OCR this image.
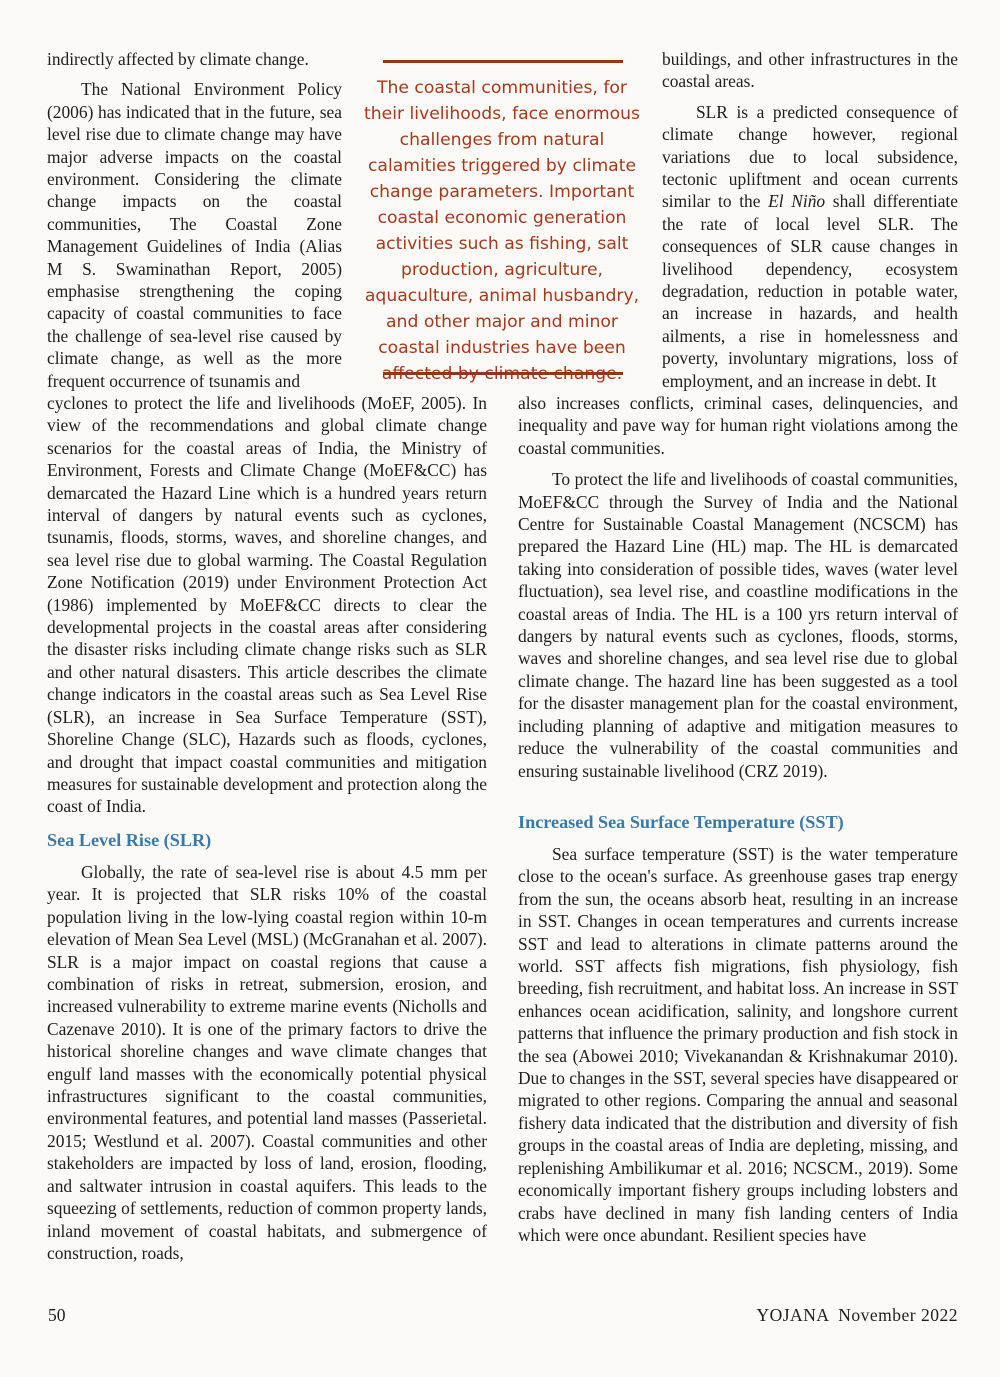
indirectly affected by climate change.

The National Environment Policy (2006) has indicated that in the future, sea level rise due to climate change may have major adverse impacts on the coastal environment. Considering the climate change impacts on the coastal communities, The Coastal Zone Management Guidelines of India (Alias M S. Swaminathan Report, 2005) emphasise strengthening the coping capacity of coastal communities to face the challenge of sea-level rise caused by climate change, as well as the more frequent occurrence of tsunamis and

The coastal communities, for their livelihoods, face enormous challenges from natural calamities triggered by climate change parameters. Important coastal economic generation activities such as fishing, salt production, agriculture, aquaculture, animal husbandry, and other major and minor coastal industries have been

cyclones to protect the life and livelihoods (MoEF, 2005). In view of the recommendations and global climate change scenarios for the coastal areas of India, the Ministry of Environment, Forests and Climate Change (MoEF&CC) has demarcated the Hazard Line which is a hundred years return interval of dangers by natural events such as cyclones, tsunamis, floods, storms, waves, and shoreline changes, and sea level rise due to global warming. The Coastal Regulation Zone Notification (2019) under Environment Protection Act (1986) implemented by MoEF&CC directs to clear the developmental projects in the coastal areas after considering the disaster risks including climate change risks such as SLR and other natural disasters. This article describes the climate change indicators in the coastal areas such as Sea Level Rise (SLR), an increase in Sea Surface Temperature (SST), Shoreline Change (SLC), Hazards such as floods, cyclones, and drought that impact coastal communities and mitigation measures for sustainable development and protection along the coast of India.

Sea Level Rise (SLR)

Globally, the rate of sea-level rise is about 4.5 mm per year. It is projected that SLR risks 10% of the coastal population living in the low-lying coastal region within 10-m elevation of Mean Sea Level (MSL) (McGranahan et al. 2007). SLR is a major impact on coastal regions that cause a combination of risks in retreat, submersion, erosion, and increased vulnerability to extreme marine events (Nicholls and Cazenave 2010). It is one of the primary factors to drive the historical shoreline changes and wave climate changes that engulf land masses with the economically potential physical infrastructures significant to the coastal communities, environmental features, and potential land masses (Passerietal. 2015; Westlund et al. 2007). Coastal communities and other stakeholders are impacted by loss of land, erosion, flooding, and saltwater intrusion in coastal aquifers. This leads to the squeezing of settlements, reduction of common property lands, inland movement of coastal habitats, and submergence of construction, roads,

buildings, and other infrastructures in the coastal areas.

SLR is a predicted consequence of climate change however, regional variations due to local subsidence, tectonic upliftment and ocean currents similar to the El Niño shall differentiate the rate of local level SLR. The consequences of SLR cause changes in livelihood dependency, ecosystem degradation, reduction in potable water, an increase in hazards, and health ailments, a rise in homelessness and poverty, involuntary migrations, loss of employment, and an increase in debt. It

also increases conflicts, criminal cases, delinquencies, and inequality and pave way for human right violations among the coastal communities.

To protect the life and livelihoods of coastal communities, MoEF&CC through the Survey of India and the National Centre for Sustainable Coastal Management (NCSCM) has prepared the Hazard Line (HL) map. The HL is demarcated taking into consideration of possible tides, waves (water level fluctuation), sea level rise, and coastline modifications in the coastal areas of India. The HL is a 100 yrs return interval of dangers by natural events such as cyclones, floods, storms, waves and shoreline changes, and sea level rise due to global climate change. The hazard line has been suggested as a tool for the disaster management plan for the coastal environment, including planning of adaptive and mitigation measures to reduce the vulnerability of the coastal communities and ensuring sustainable livelihood (CRZ 2019).

Increased Sea Surface Temperature (SST)

Sea surface temperature (SST) is the water temperature close to the ocean's surface. As greenhouse gases trap energy from the sun, the oceans absorb heat, resulting in an increase in SST. Changes in ocean temperatures and currents increase SST and lead to alterations in climate patterns around the world. SST affects fish migrations, fish physiology, fish breeding, fish recruitment, and habitat loss. An increase in SST enhances ocean acidification, salinity, and longshore current patterns that influence the primary production and fish stock in the sea (Abowei 2010; Vivekanandan & Krishnakumar 2010). Due to changes in the SST, several species have disappeared or migrated to other regions. Comparing the annual and seasonal fishery data indicated that the distribution and diversity of fish groups in the coastal areas of India are depleting, missing, and replenishing Ambilikumar et al. 2016; NCSCM., 2019). Some economically important fishery groups including lobsters and crabs have declined in many fish landing centers of India which were once abundant. Resilient species have

50	YOJANA  November 2022
